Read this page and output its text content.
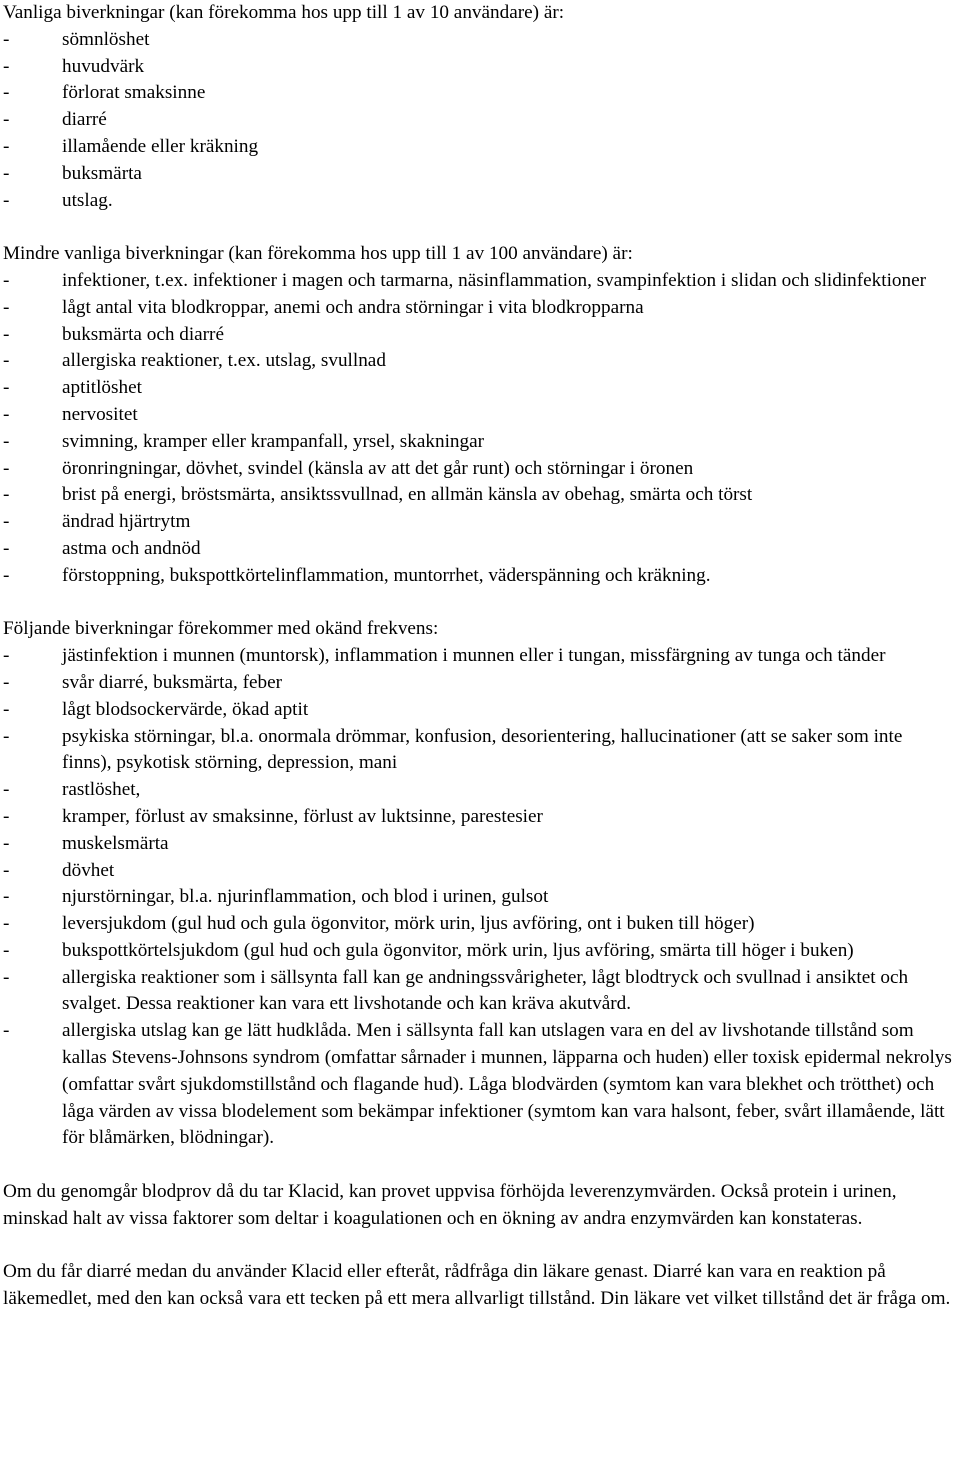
Vanliga biverkningar (kan förekomma hos upp till 1 av 10 användare) är:

- sömnlöshet
- huvudvärk
- förlorat smaksinne
- diarré
- illamående eller kräkning
- buksmärta
- utslag.

Mindre vanliga biverkningar (kan förekomma hos upp till 1 av 100 användare) är:

- infektioner, t.ex. infektioner i magen och tarmarna, näsinflammation, svampinfektion i slidan och slidinfektioner
- lågt antal vita blodkroppar, anemi och andra störningar i vita blodkropparna
- buksmärta och diarré
- allergiska reaktioner, t.ex. utslag, svullnad
- aptitlöshet
- nervositet
- svimning, kramper eller krampanfall, yrsel, skakningar
- öronringningar, dövhet, svindel (känsla av att det går runt) och störningar i öronen
- brist på energi, bröstsmärta, ansiktssvullnad, en allmän känsla av obehag, smärta och törst
- ändrad hjärtrytm
- astma och andnöd
- förstoppning, bukspottkörtelinflammation, muntorrhet, väderspänning och kräkning.

Följande biverkningar förekommer med okänd frekvens:

- jästinfektion i munnen (muntorsk), inflammation i munnen eller i tungan, missfärgning av tunga och tänder
- svår diarré, buksmärta, feber
- lågt blodsockervärde, ökad aptit
- psykiska störningar, bl.a. onormala drömmar, konfusion, desorientering, hallucinationer (att se saker som inte finns), psykotisk störning, depression, mani
- rastlöshet,
- kramper, förlust av smaksinne, förlust av luktsinne, parestesier
- muskelsmärta
- dövhet
- njurstörningar, bl.a. njurinflammation, och blod i urinen, gulsot
- leversjukdom (gul hud och gula ögonvitor, mörk urin, ljus avföring, ont i buken till höger)
- bukspottkörtelsjukdom (gul hud och gula ögonvitor, mörk urin, ljus avföring, smärta till höger i buken)
- allergiska reaktioner som i sällsynta fall kan ge andningssvårigheter, lågt blodtryck och svullnad i ansiktet och svalget. Dessa reaktioner kan vara ett livshotande och kan kräva akutvård.
- allergiska utslag kan ge lätt hudklåda. Men i sällsynta fall kan utslagen vara en del av livshotande tillstånd som kallas Stevens-Johnsons syndrom (omfattar sårnader i munnen, läpparna och huden) eller toxisk epidermal nekrolys (omfattar svårt sjukdomstillstånd och flagande hud). Låga blodvärden (symtom kan vara blekhet och trötthet) och låga värden av vissa blodelement som bekämpar infektioner (symtom kan vara halsont, feber, svårt illamående, lätt för blåmärken, blödningar).

Om du genomgår blodprov då du tar Klacid, kan provet uppvisa förhöjda leverenzymvärden. Också protein i urinen, minskad halt av vissa faktorer som deltar i koagulationen och en ökning av andra enzymvärden kan konstateras.

Om du får diarré medan du använder Klacid eller efteråt, rådfråga din läkare genast. Diarré kan vara en reaktion på läkemedlet, med den kan också vara ett tecken på ett mera allvarligt tillstånd. Din läkare vet vilket tillstånd det är fråga om.
